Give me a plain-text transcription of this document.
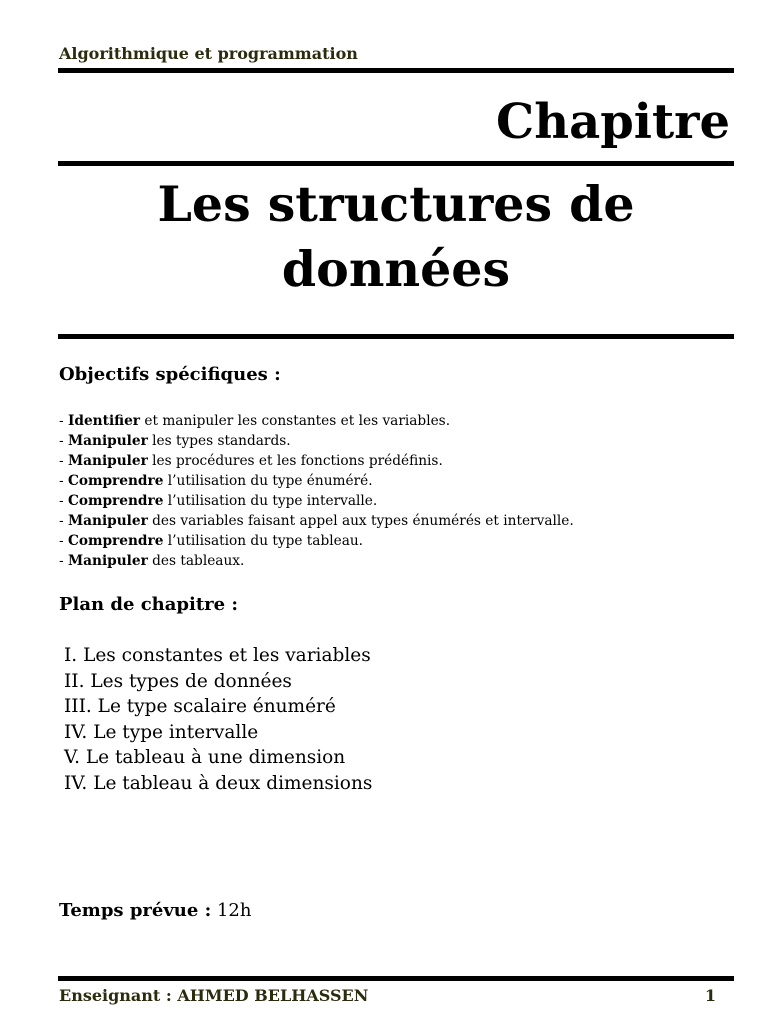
Algorithmique et programmation
Chapitre
Les structures de données
Objectifs spécifiques :
- Identifier et manipuler les constantes et les variables.
- Manipuler les types standards.
- Manipuler les procédures et les fonctions prédéfinis.
- Comprendre l’utilisation du type énuméré.
- Comprendre l’utilisation du type intervalle.
- Manipuler des variables faisant appel aux types énumérés et intervalle.
- Comprendre l’utilisation du type tableau.
- Manipuler des tableaux.
Plan de chapitre :
I. Les constantes et les variables
II. Les types de données
III. Le type scalaire énuméré
IV. Le type intervalle
V. Le tableau à une dimension
IV. Le tableau à deux dimensions
Temps prévue : 12h
Enseignant : AHMED BELHASSEN	1
